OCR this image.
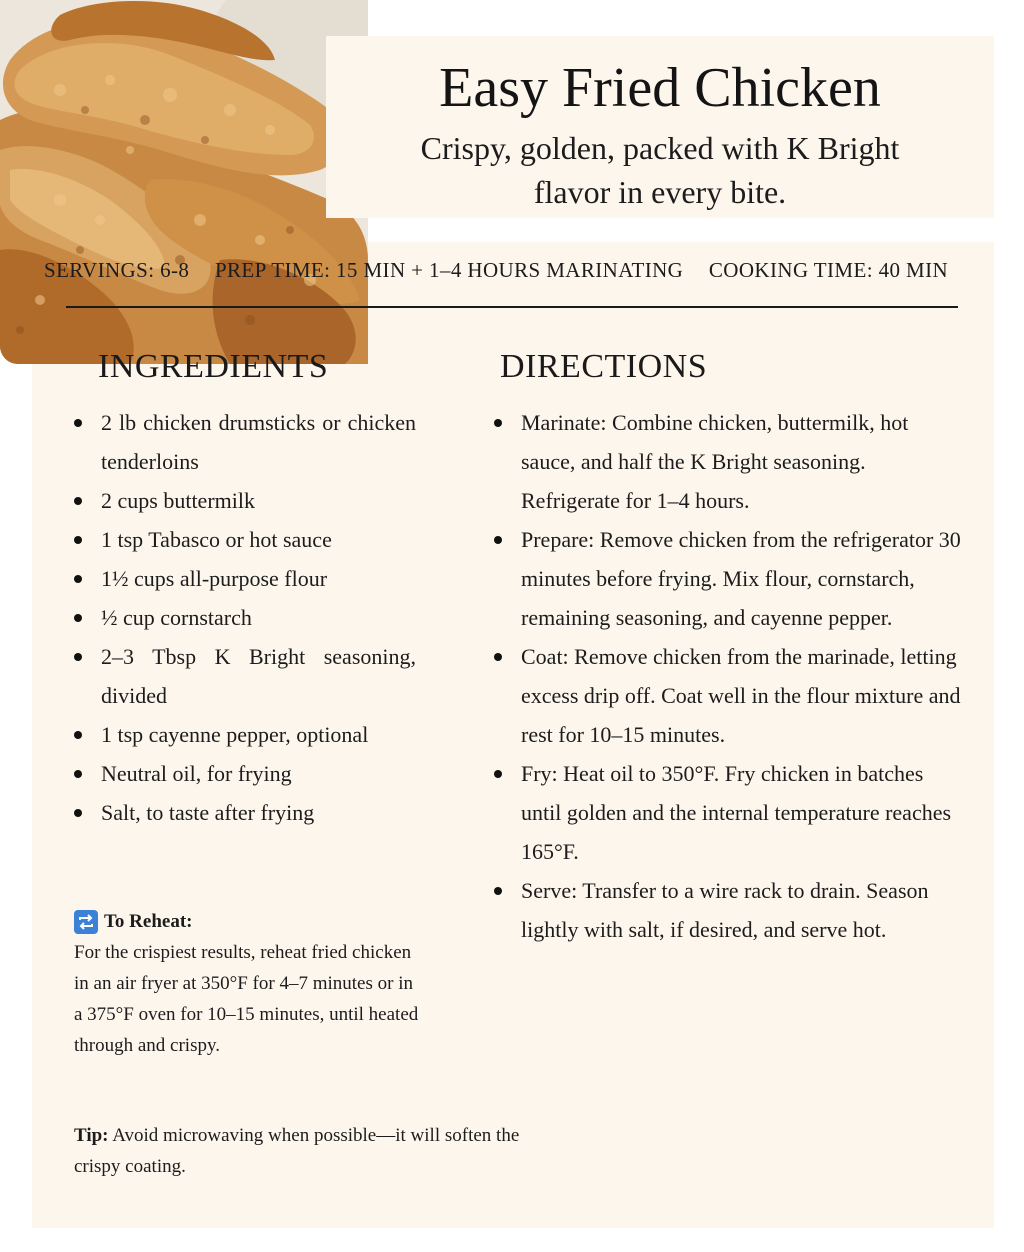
Easy Fried Chicken
Crispy, golden, packed with K Bright flavor in every bite.
SERVINGS: 6-8 PREP TIME: 15 MIN + 1–4 HOURS MARINATING COOKING TIME: 40 MIN
INGREDIENTS	DIRECTIONS
2 lb chicken drumsticks or chicken tenderloins
2 cups buttermilk
1 tsp Tabasco or hot sauce
1½ cups all-purpose flour
½ cup cornstarch
2–3 Tbsp K Bright seasoning, divided
1 tsp cayenne pepper, optional
Neutral oil, for frying
Salt, to taste after frying
Marinate: Combine chicken, buttermilk, hot sauce, and half the K Bright seasoning. Refrigerate for 1–4 hours.
Prepare: Remove chicken from the refrigerator 30 minutes before frying. Mix flour, cornstarch, remaining seasoning, and cayenne pepper.
Coat: Remove chicken from the marinade, letting excess drip off. Coat well in the flour mixture and rest for 10–15 minutes.
Fry: Heat oil to 350°F. Fry chicken in batches until golden and the internal temperature reaches 165°F.
Serve: Transfer to a wire rack to drain. Season lightly with salt, if desired, and serve hot.
To Reheat:
For the crispiest results, reheat fried chicken in an air fryer at 350°F for 4–7 minutes or in a 375°F oven for 10–15 minutes, until heated through and crispy.
Tip: Avoid microwaving when possible—it will soften the crispy coating.
